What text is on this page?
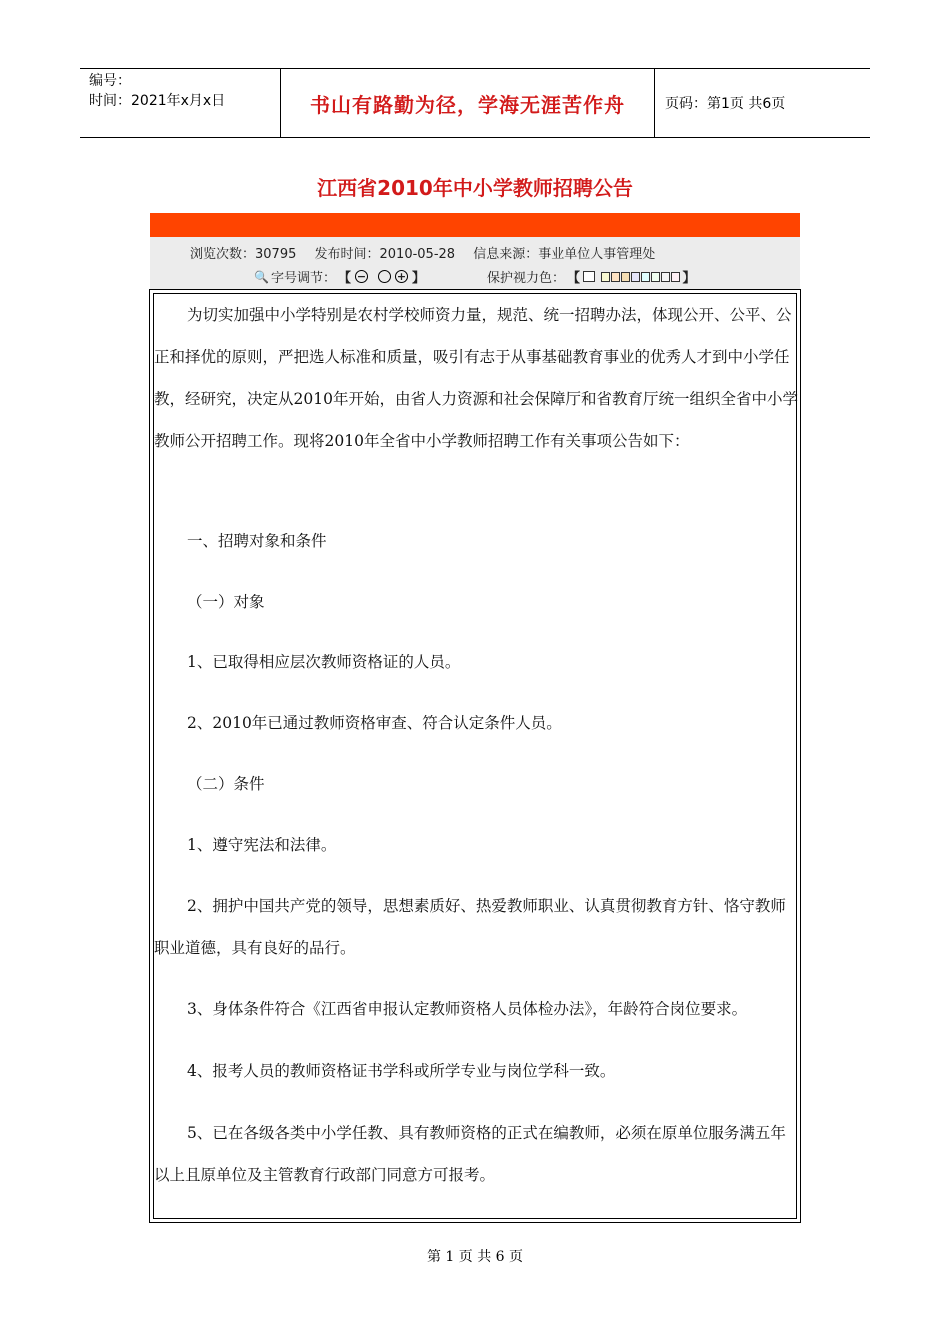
编号：
时间：2021年x月x日	书山有路勤为径，学海无涯苦作舟	页码：第1页 共6页
江西省2010年中小学教师招聘公告
浏览次数：30795 发布时间：2010-05-28 信息来源：事业单位人事管理处
🔍 字号调节： 【 −	+ 】	保护视力色： 【	】
为切实加强中小学特别是农村学校师资力量，规范、统一招聘办法，体现公开、公平、公正和择优的原则，严把选人标准和质量，吸引有志于从事基础教育事业的优秀人才到中小学任教，经研究，决定从2010年开始，由省人力资源和社会保障厅和省教育厅统一组织全省中小学教师公开招聘工作。现将2010年全省中小学教师招聘工作有关事项公告如下：
一、招聘对象和条件
（一）对象
1、已取得相应层次教师资格证的人员。
2、2010年已通过教师资格审查、符合认定条件人员。
（二）条件
1、遵守宪法和法律。
2、拥护中国共产党的领导，思想素质好、热爱教师职业、认真贯彻教育方针、恪守教师职业道德，具有良好的品行。
3、身体条件符合《江西省申报认定教师资格人员体检办法》，年龄符合岗位要求。
4、报考人员的教师资格证书学科或所学专业与岗位学科一致。
5、已在各级各类中小学任教、具有教师资格的正式在编教师，必须在原单位服务满五年以上且原单位及主管教育行政部门同意方可报考。
第 1 页 共 6 页
